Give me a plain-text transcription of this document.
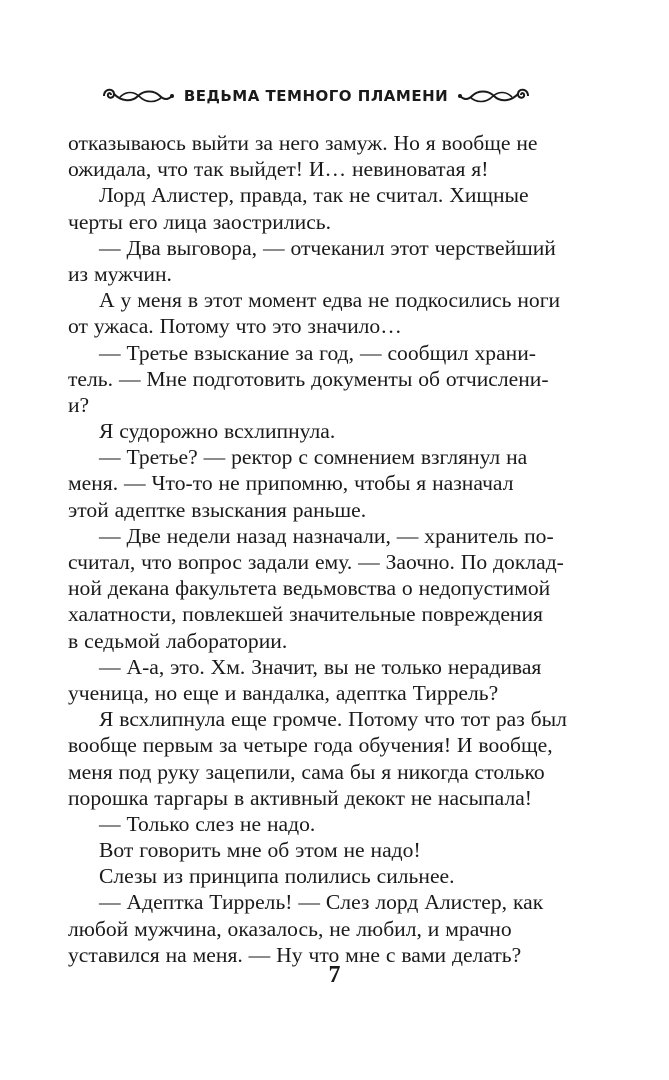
ВЕДЬМА ТЕМНОГО ПЛАМЕНИ
отказываюсь выйти за него замуж. Но я вообще не
ожидала, что так выйдет! И… невиноватая я!
Лорд Алистер, правда, так не считал. Хищные
черты его лица заострились.
— Два выговора, — отчеканил этот черствейший
из мужчин.
А у меня в этот момент едва не подкосились ноги
от ужаса. Потому что это значило…
— Третье взыскание за год, — сообщил храни-
тель. — Мне подготовить документы об отчислени-
и?
Я судорожно всхлипнула.
— Третье? — ректор с сомнением взглянул на
меня. — Что-то не припомню, чтобы я назначал
этой адептке взыскания раньше.
— Две недели назад назначали, — хранитель по-
считал, что вопрос задали ему. — Заочно. По доклад-
ной декана факультета ведьмовства о недопустимой
халатности, повлекшей значительные повреждения
в седьмой лаборатории.
— А-а, это. Хм. Значит, вы не только нерадивая
ученица, но еще и вандалка, адептка Тиррель?
Я всхлипнула еще громче. Потому что тот раз был
вообще первым за четыре года обучения! И вообще,
меня под руку зацепили, сама бы я никогда столько
порошка таргары в активный декокт не насыпала!
— Только слез не надо.
Вот говорить мне об этом не надо!
Слезы из принципа полились сильнее.
— Адептка Тиррель! — Слез лорд Алистер, как
любой мужчина, оказалось, не любил, и мрачно
уставился на меня. — Ну что мне с вами делать?
7
